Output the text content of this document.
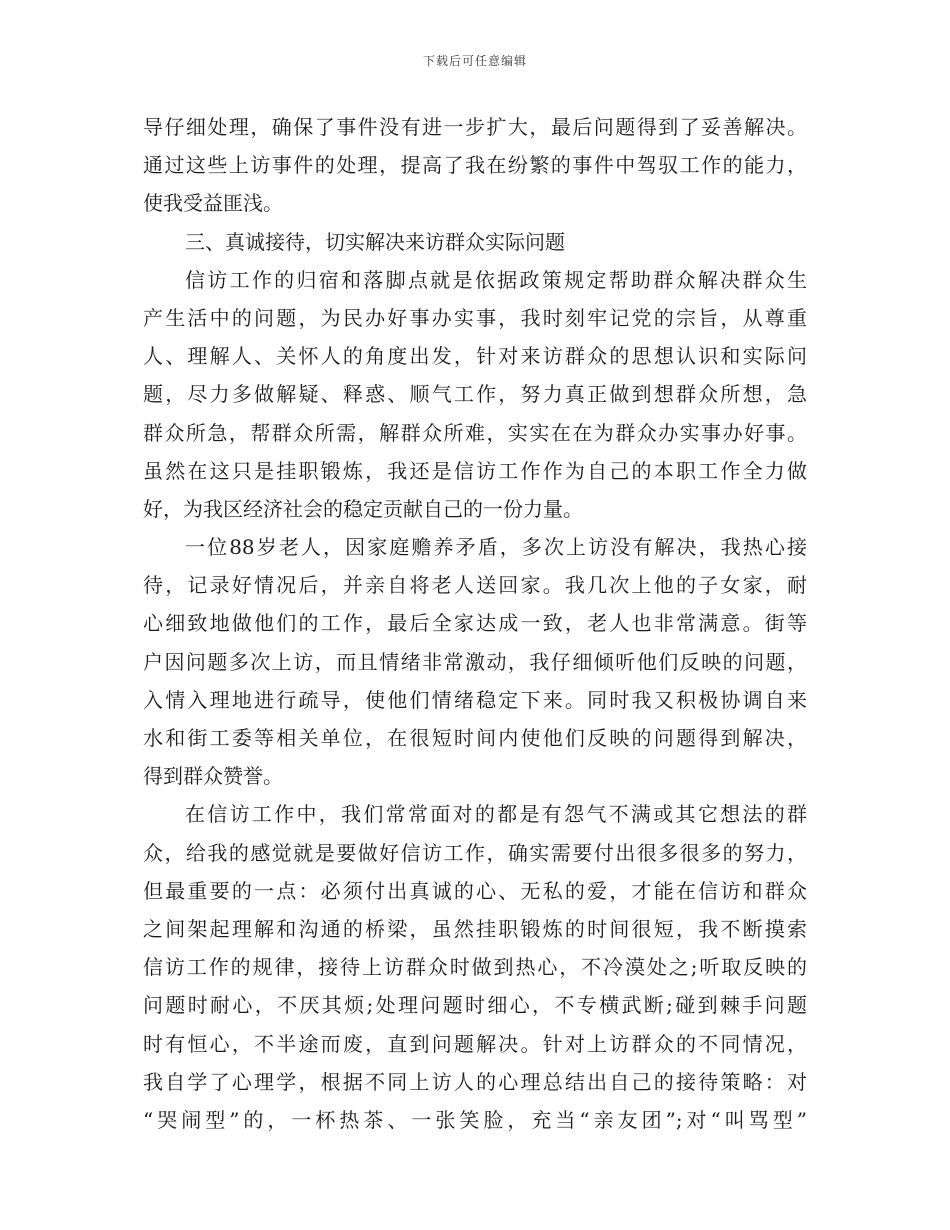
下载后可任意编辑
导仔细处理，确保了事件没有进一步扩大，最后问题得到了妥善解决。
通过这些上访事件的处理，提高了我在纷繁的事件中驾驭工作的能力，
使我受益匪浅。
三、真诚接待，切实解决来访群众实际问题
信访工作的归宿和落脚点就是依据政策规定帮助群众解决群众生
产生活中的问题，为民办好事办实事，我时刻牢记党的宗旨，从尊重
人、理解人、关怀人的角度出发，针对来访群众的思想认识和实际问
题，尽力多做解疑、释惑、顺气工作，努力真正做到想群众所想，急
群众所急，帮群众所需，解群众所难，实实在在为群众办实事办好事。
虽然在这只是挂职锻炼，我还是信访工作作为自己的本职工作全力做
好，为我区经济社会的稳定贡献自己的一份力量。
一位88岁老人，因家庭赡养矛盾，多次上访没有解决，我热心接
待，记录好情况后，并亲自将老人送回家。我几次上他的子女家，耐
心细致地做他们的工作，最后全家达成一致，老人也非常满意。街等
户因问题多次上访，而且情绪非常激动，我仔细倾听他们反映的问题，
入情入理地进行疏导，使他们情绪稳定下来。同时我又积极协调自来
水和街工委等相关单位，在很短时间内使他们反映的问题得到解决，
得到群众赞誉。
在信访工作中，我们常常面对的都是有怨气不满或其它想法的群
众，给我的感觉就是要做好信访工作，确实需要付出很多很多的努力，
但最重要的一点：必须付出真诚的心、无私的爱，才能在信访和群众
之间架起理解和沟通的桥梁，虽然挂职锻炼的时间很短，我不断摸索
信访工作的规律，接待上访群众时做到热心，不冷漠处之;听取反映的
问题时耐心，不厌其烦;处理问题时细心，不专横武断;碰到棘手问题
时有恒心，不半途而废，直到问题解决。针对上访群众的不同情况，
我自学了心理学，根据不同上访人的心理总结出自己的接待策略：对
“哭闹型”的，一杯热茶、一张笑脸，充当“亲友团”;对“叫骂型”
